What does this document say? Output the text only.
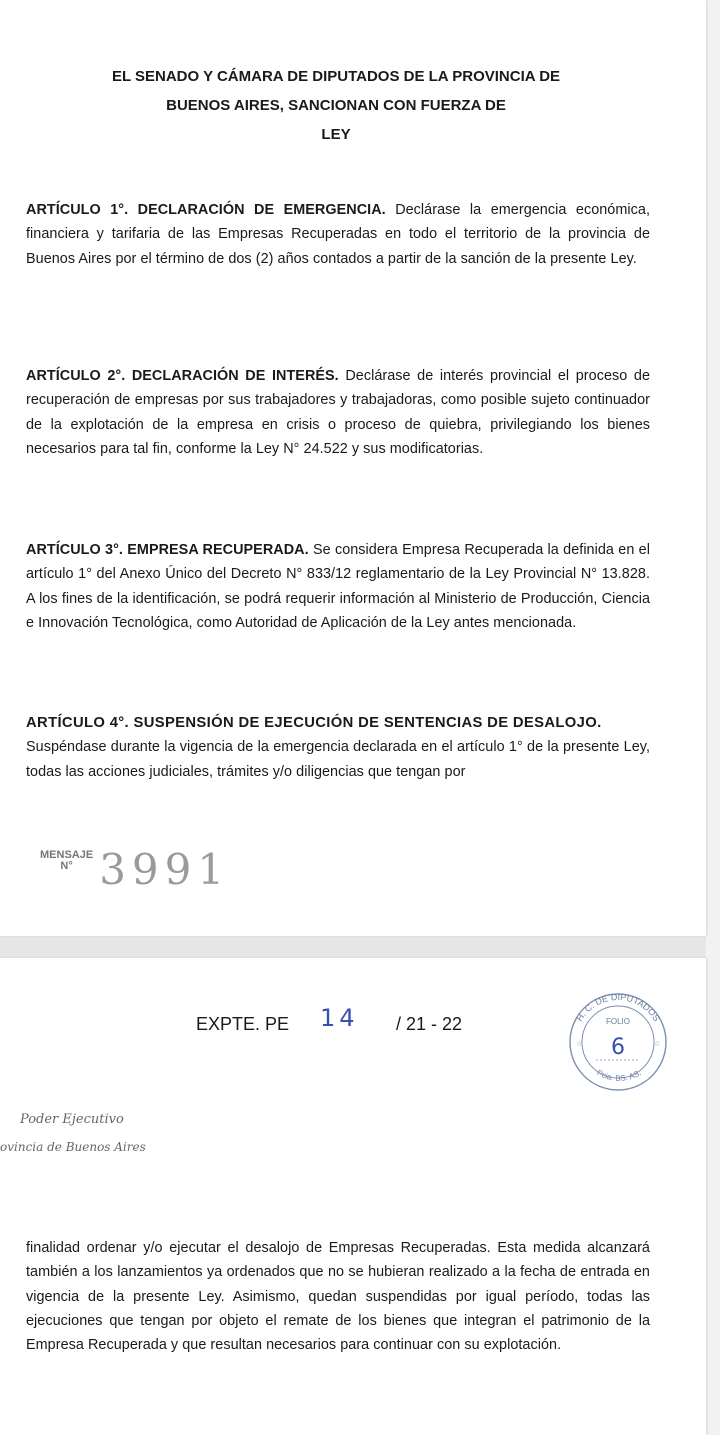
EL SENADO Y CÁMARA DE DIPUTADOS DE LA PROVINCIA DE
BUENOS AIRES, SANCIONAN CON FUERZA DE
LEY
ARTÍCULO 1°. DECLARACIÓN DE EMERGENCIA. Declárase la emergencia económica, financiera y tarifaria de las Empresas Recuperadas en todo el territorio de la provincia de Buenos Aires por el término de dos (2) años contados a partir de la sanción de la presente Ley.
ARTÍCULO 2°. DECLARACIÓN DE INTERÉS. Declárase de interés provincial el proceso de recuperación de empresas por sus trabajadores y trabajadoras, como posible sujeto continuador de la explotación de la empresa en crisis o proceso de quiebra, privilegiando los bienes necesarios para tal fin, conforme la Ley N° 24.522 y sus modificatorias.
ARTÍCULO 3°. EMPRESA RECUPERADA. Se considera Empresa Recuperada la definida en el artículo 1° del Anexo Único del Decreto N° 833/12 reglamentario de la Ley Provincial N° 13.828. A los fines de la identificación, se podrá requerir información al Ministerio de Producción, Ciencia e Innovación Tecnológica, como Autoridad de Aplicación de la Ley antes mencionada.
ARTÍCULO 4°. SUSPENSIÓN DE EJECUCIÓN DE SENTENCIAS DE DESALOJO.
Suspéndase durante la vigencia de la emergencia declarada en el artículo 1° de la presente Ley, todas las acciones judiciales, trámites y/o diligencias que tengan por
MENSAJE
N° 3991
EXPTE. PE 14 / 21 - 22	H. C. DE DIPUTADOS
FOLIO
6
☆	☆
Pcia. BS. AS.
Poder Ejecutivo
ovincia de Buenos Aires
finalidad ordenar y/o ejecutar el desalojo de Empresas Recuperadas. Esta medida alcanzará también a los lanzamientos ya ordenados que no se hubieran realizado a la fecha de entrada en vigencia de la presente Ley. Asimismo, quedan suspendidas por igual período, todas las ejecuciones que tengan por objeto el remate de los bienes que integran el patrimonio de la Empresa Recuperada y que resultan necesarios para continuar con su explotación.
